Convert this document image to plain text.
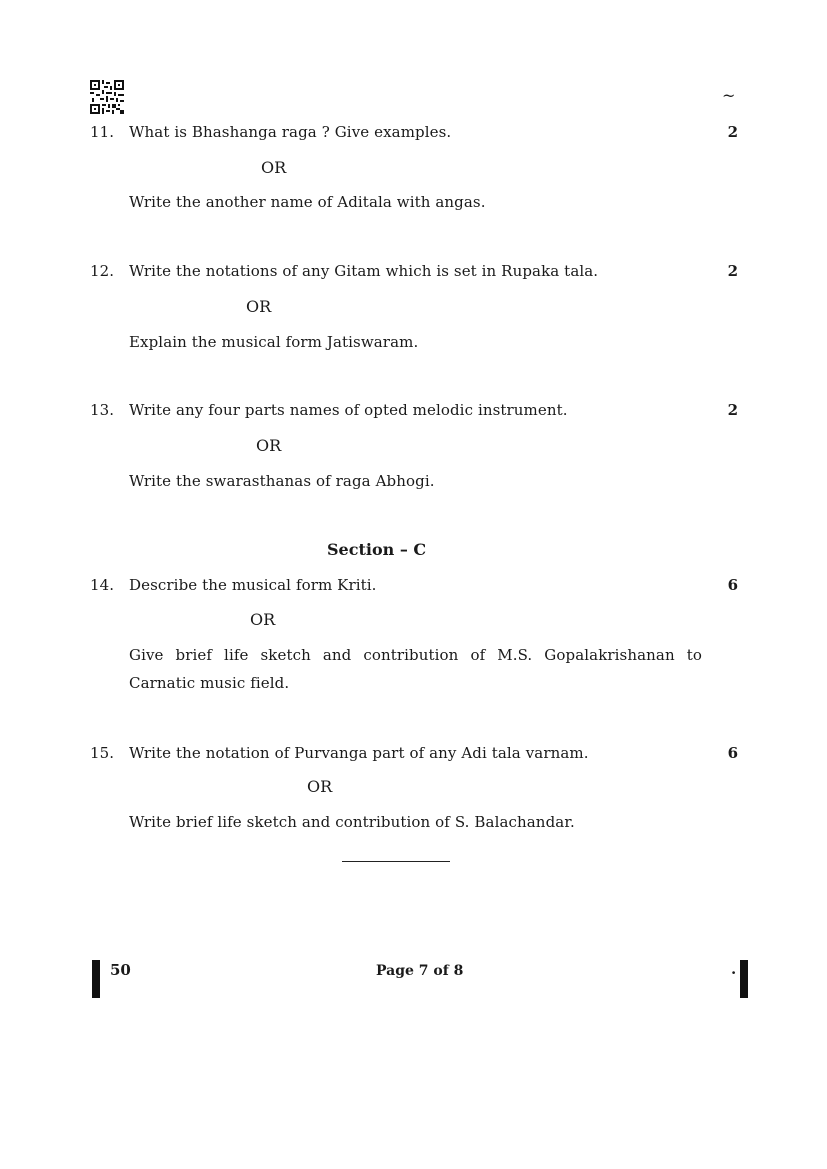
~
11. What is Bhashanga raga ? Give examples.	2
OR
Write the another name of Aditala with angas.
12. Write the notations of any Gitam which is set in Rupaka tala.	2
OR
Explain the musical form Jatiswaram.
13. Write any four parts names of opted melodic instrument.	2
OR
Write the swarasthanas of raga Abhogi.
Section – C
14. Describe the musical form Kriti.	6
OR
Give brief life sketch and contribution of M.S. Gopalakrishanan to
Carnatic music field.
15. Write the notation of Purvanga part of any Adi tala varnam.	6
OR
Write brief life sketch and contribution of S. Balachandar.
50	Page 7 of 8	.
